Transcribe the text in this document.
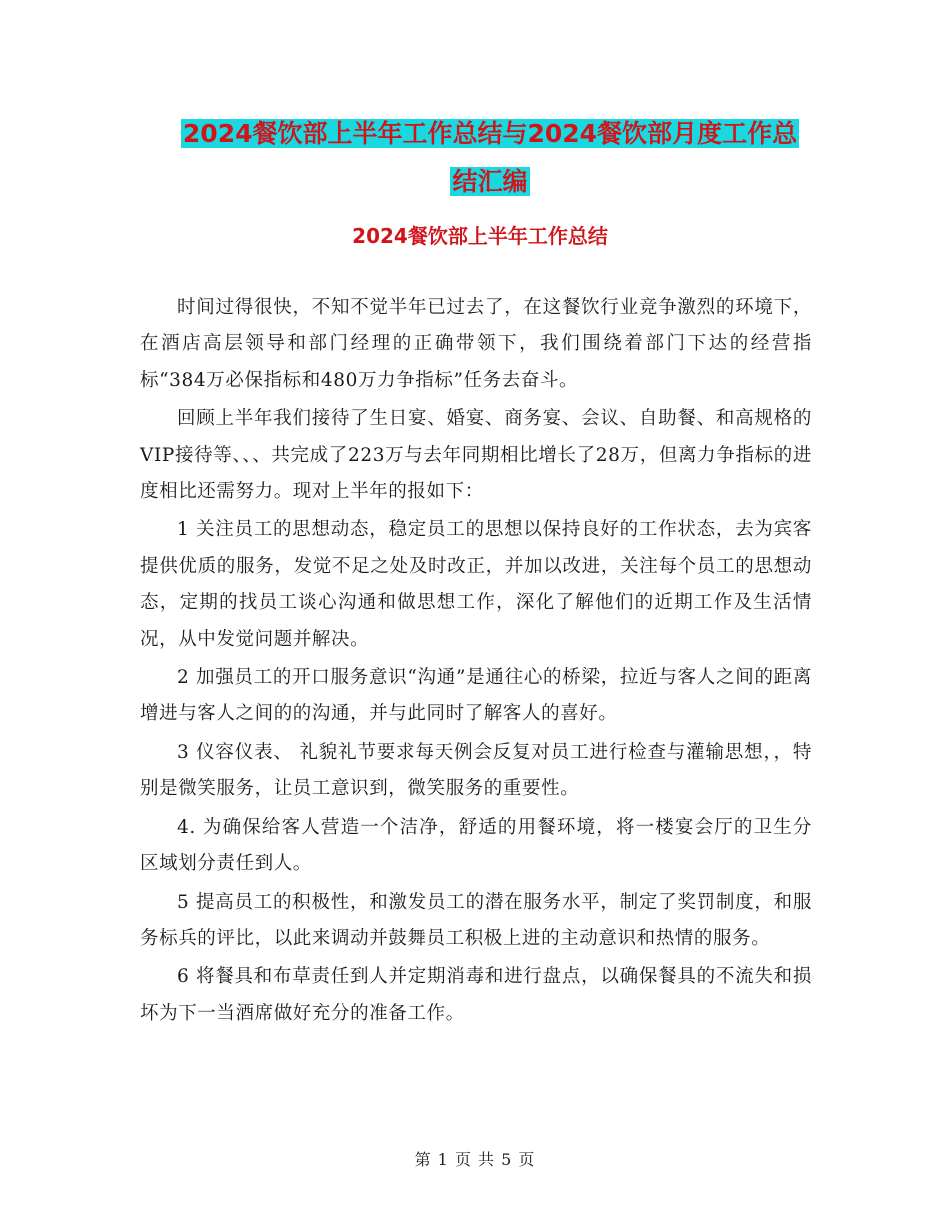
2024餐饮部上半年工作总结与2024餐饮部月度工作总
结汇编
2024餐饮部上半年工作总结

时间过得很快，不知不觉半年已过去了，在这餐饮行业竞争激烈的环境下，在酒店高层领导和部门经理的正确带领下，我们围绕着部门下达的经营指标“384万必保指标和480万力争指标”任务去奋斗。

回顾上半年我们接待了生日宴、婚宴、商务宴、会议、自助餐、和高规格的VIP接待等、、、共完成了223万与去年同期相比增长了28万，但离力争指标的进度相比还需努力。现对上半年的报如下：

1 关注员工的思想动态，稳定员工的思想以保持良好的工作状态，去为宾客提供优质的服务，发觉不足之处及时改正，并加以改进，关注每个员工的思想动态，定期的找员工谈心沟通和做思想工作，深化了解他们的近期工作及生活情况，从中发觉问题并解决。

2 加强员工的开口服务意识“沟通”是通往心的桥梁，拉近与客人之间的距离增进与客人之间的的沟通，并与此同时了解客人的喜好。

3 仪容仪表、 礼貌礼节要求每天例会反复对员工进行检查与灌输思想，，特别是微笑服务，让员工意识到，微笑服务的重要性。

4. 为确保给客人营造一个洁净，舒适的用餐环境，将一楼宴会厅的卫生分区域划分责任到人。

5 提高员工的积极性，和激发员工的潜在服务水平，制定了奖罚制度，和服务标兵的评比，以此来调动并鼓舞员工积极上进的主动意识和热情的服务。

6 将餐具和布草责任到人并定期消毒和进行盘点，以确保餐具的不流失和损坏为下一当酒席做好充分的准备工作。

第 1 页 共 5 页
